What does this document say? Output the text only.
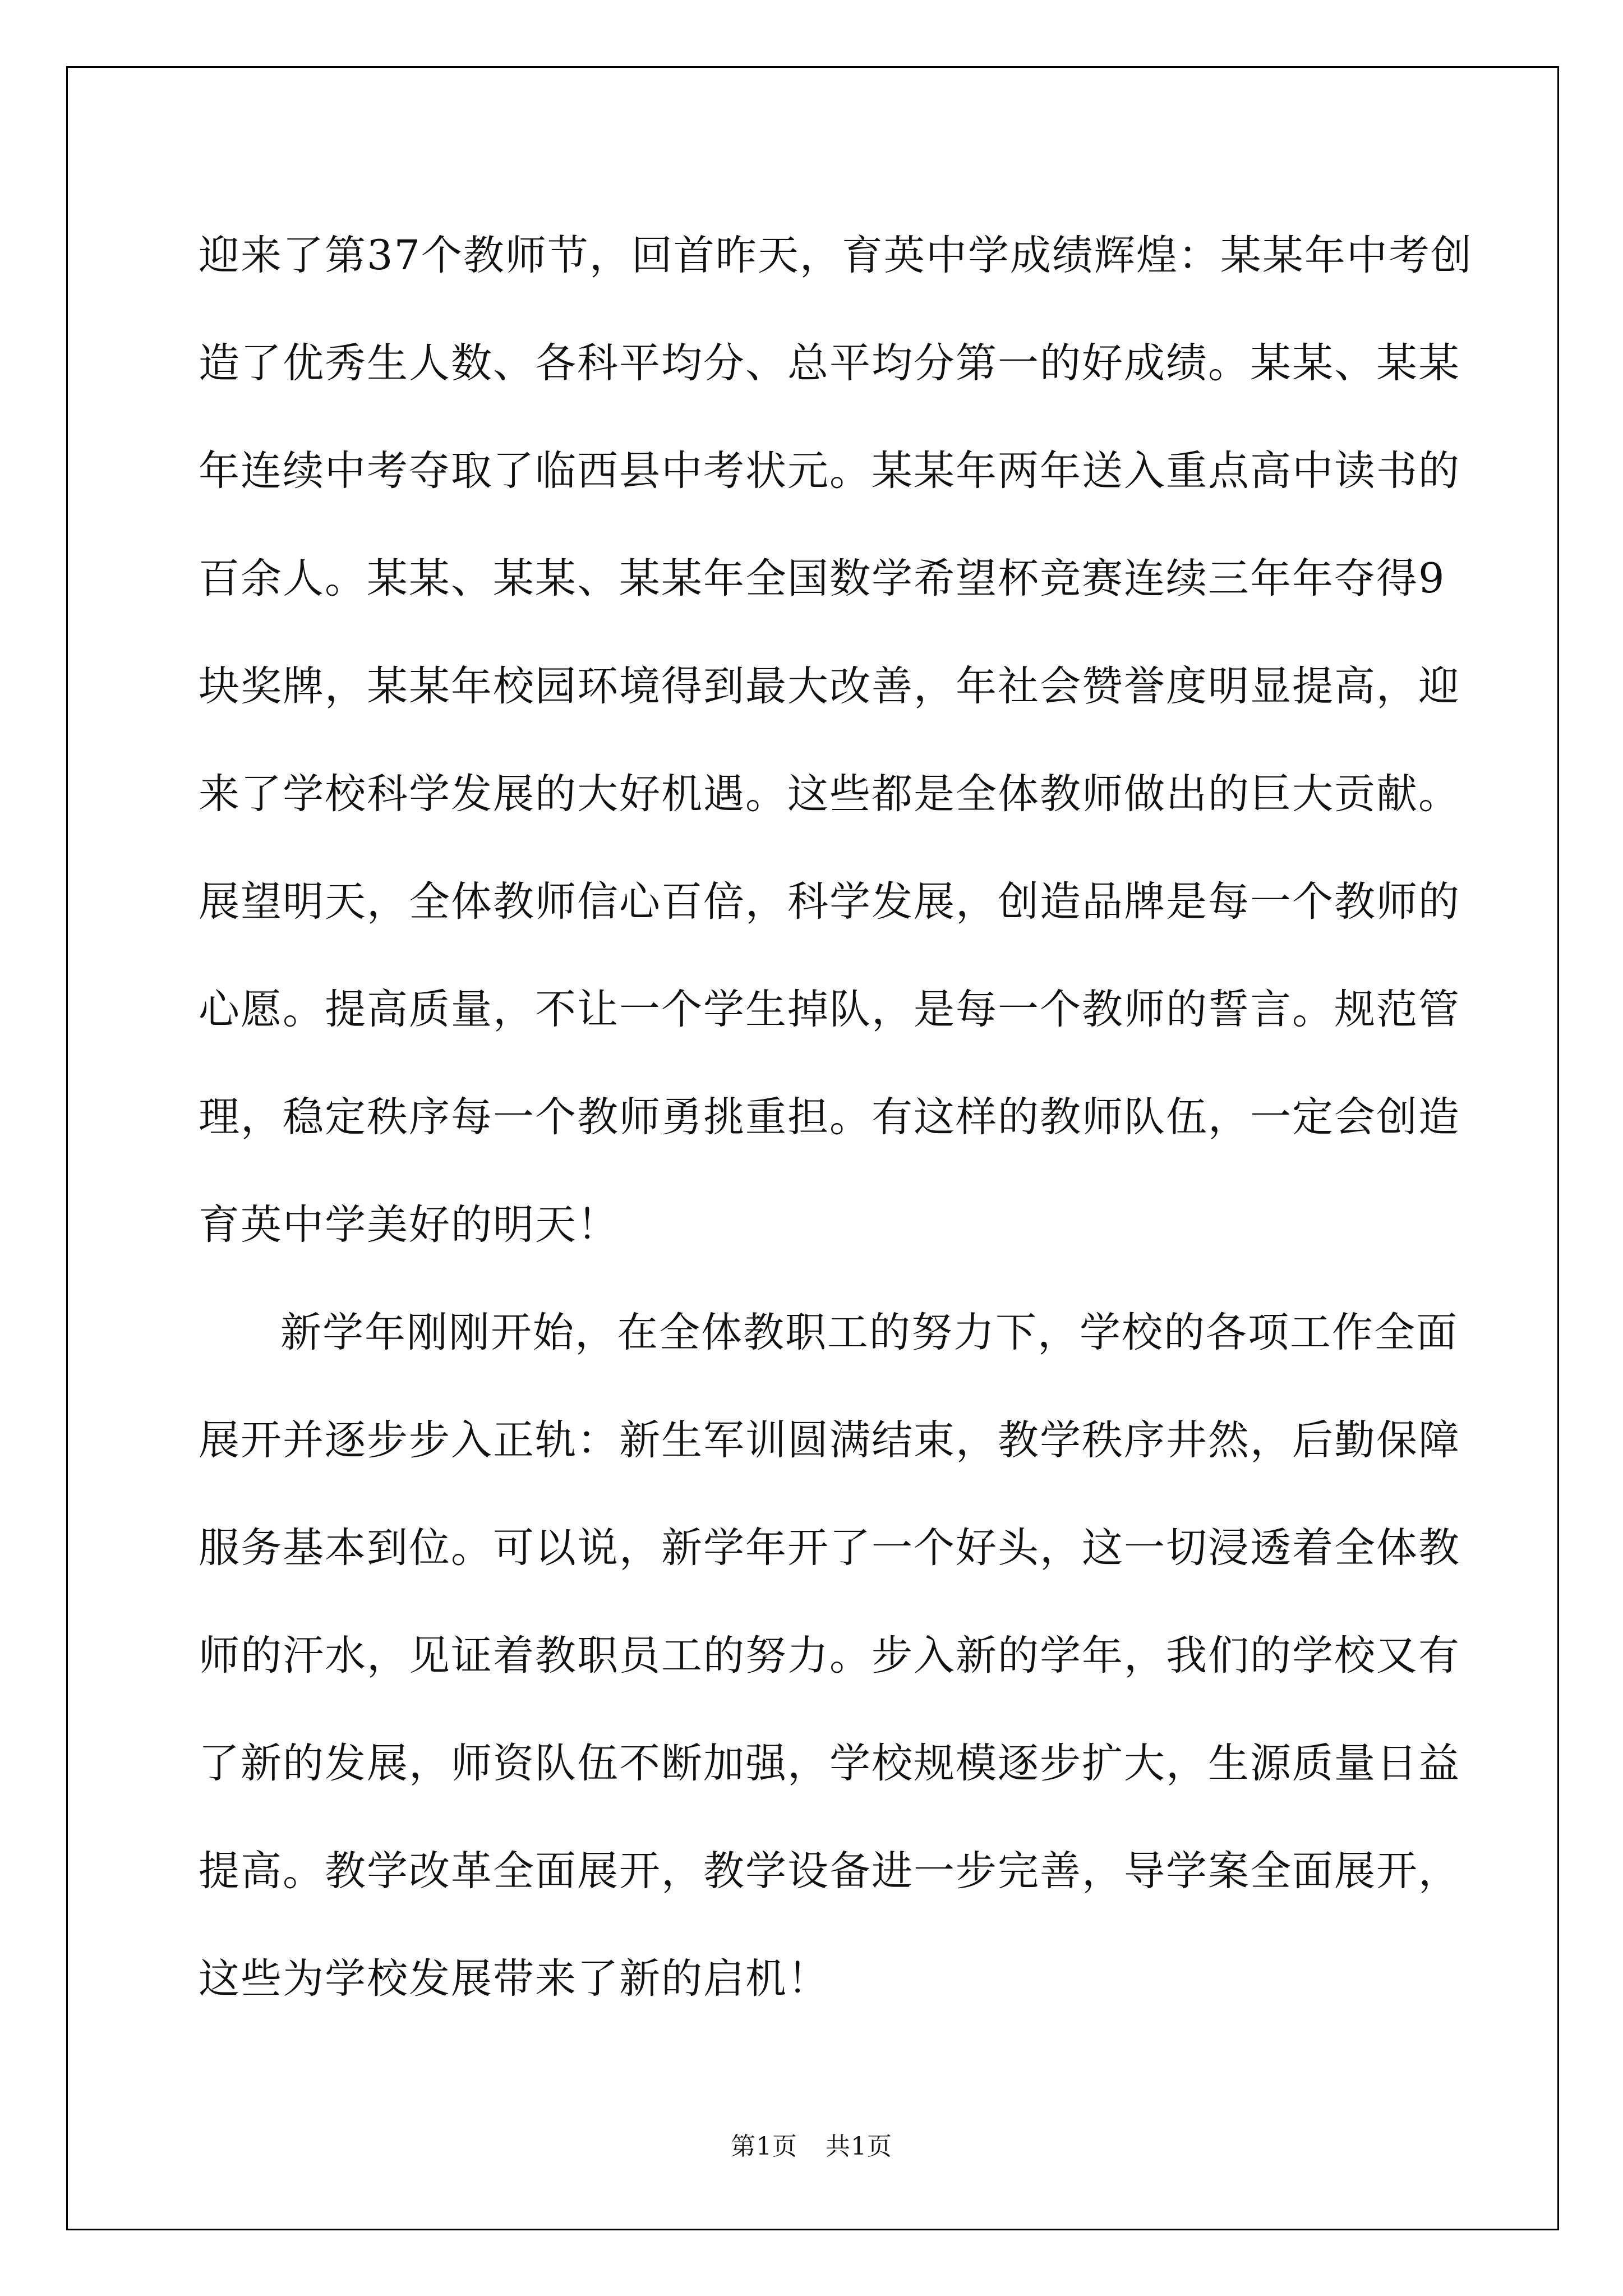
迎来了第37个教师节，回首昨天，育英中学成绩辉煌：某某年中考创
造了优秀生人数、各科平均分、总平均分第一的好成绩。某某、某某
年连续中考夺取了临西县中考状元。某某年两年送入重点高中读书的
百余人。某某、某某、某某年全国数学希望杯竞赛连续三年年夺得9
块奖牌，某某年校园环境得到最大改善，年社会赞誉度明显提高，迎
来了学校科学发展的大好机遇。这些都是全体教师做出的巨大贡献。
展望明天，全体教师信心百倍，科学发展，创造品牌是每一个教师的
心愿。提高质量，不让一个学生掉队，是每一个教师的誓言。规范管
理，稳定秩序每一个教师勇挑重担。有这样的教师队伍，一定会创造
育英中学美好的明天！
新学年刚刚开始，在全体教职工的努力下，学校的各项工作全面
展开并逐步步入正轨：新生军训圆满结束，教学秩序井然，后勤保障
服务基本到位。可以说，新学年开了一个好头，这一切浸透着全体教
师的汗水，见证着教职员工的努力。步入新的学年，我们的学校又有
了新的发展，师资队伍不断加强，学校规模逐步扩大，生源质量日益
提高。教学改革全面展开，教学设备进一步完善，导学案全面展开，
这些为学校发展带来了新的启机！
第1页 共1页
